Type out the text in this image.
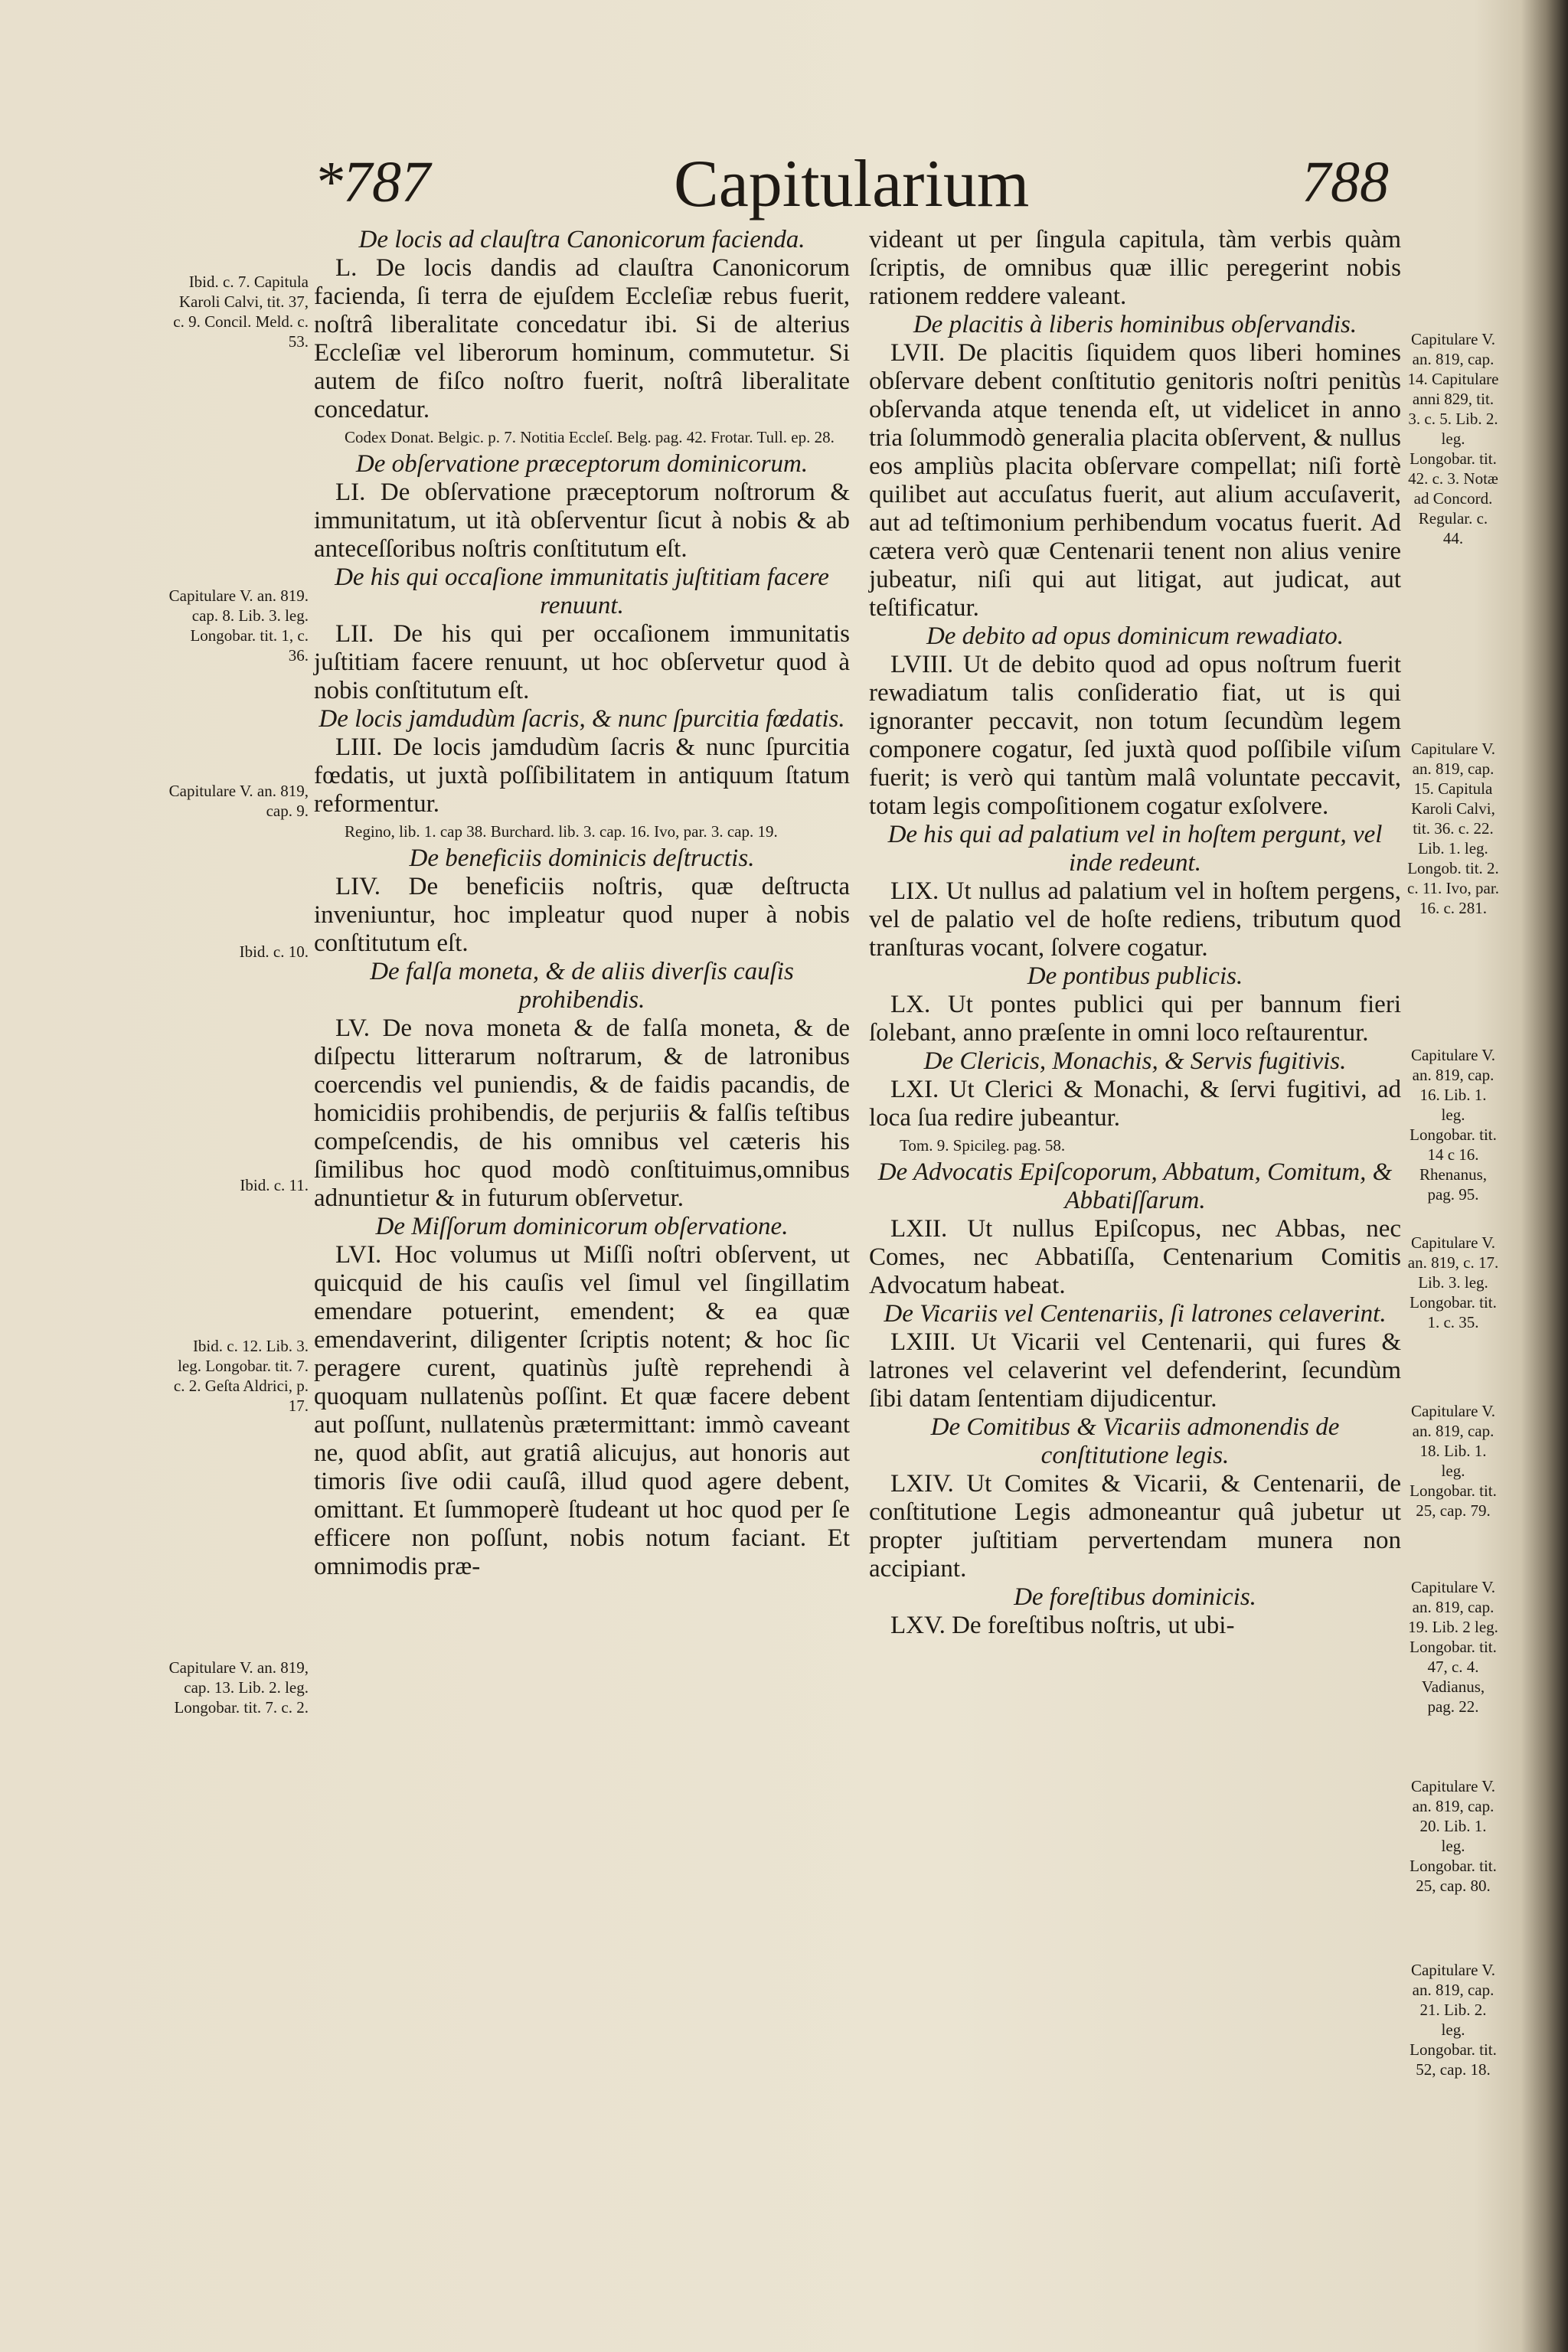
*787	Capitularium	788
Ibid. c. 7. Capitula Karoli Calvi, tit. 37, c. 9. Concil. Meld. c. 53.
Capitulare V. an. 819. cap. 8. Lib. 3. leg. Longobar. tit. 1, c. 36.
Capitulare V. an. 819, cap. 9.
Ibid. c. 10.
Ibid. c. 11.
Ibid. c. 12. Lib. 3. leg. Longobar. tit. 7. c. 2. Geſta Aldrici, p. 17.
Capitulare V. an. 819, cap. 13. Lib. 2. leg. Longobar. tit. 7. c. 2.
De locis ad clauſtra Canonicorum facienda.

L. De locis dandis ad clauſtra Canonicorum facienda, ſi terra de ejuſdem Eccleſiæ rebus fuerit, noſtrâ liberalitate concedatur ibi. Si de alterius Eccleſiæ vel liberorum hominum, commutetur. Si autem de fiſco noſtro fuerit, noſtrâ liberalitate concedatur.

Codex Donat. Belgic. p. 7. Notitia Eccleſ. Belg. pag. 42. Frotar. Tull. ep. 28.

De obſervatione præceptorum dominicorum.

LI. De obſervatione præceptorum noſtrorum & immunitatum, ut ità obſerventur ſicut à nobis & ab anteceſſoribus noſtris conſtitutum eſt.

De his qui occaſione immunitatis juſtitiam facere renuunt.

LII. De his qui per occaſionem immunitatis juſtitiam facere renuunt, ut hoc obſervetur quod à nobis conſtitutum eſt.

De locis jamdudùm ſacris, & nunc ſpurcitia fœdatis.

LIII. De locis jamdudùm ſacris & nunc ſpurcitia fœdatis, ut juxtà poſſibilitatem in antiquum ſtatum reformentur.

Regino, lib. 1. cap 38. Burchard. lib. 3. cap. 16. Ivo, par. 3. cap. 19.

De beneficiis dominicis deſtructis.

LIV. De beneficiis noſtris, quæ deſtructa inveniuntur, hoc impleatur quod nuper à nobis conſtitutum eſt.

De falſa moneta, & de aliis diverſis cauſis prohibendis.

LV. De nova moneta & de falſa moneta, & de diſpectu litterarum noſtrarum, & de latronibus coercendis vel puniendis, & de faidis pacandis, de homicidiis prohibendis, de perjuriis & falſis teſtibus compeſcendis, de his omnibus vel cæteris his ſimilibus hoc quod modò conſtituimus,omnibus adnuntietur & in futurum obſervetur.

De Miſſorum dominicorum obſervatione.

LVI. Hoc volumus ut Miſſi noſtri obſervent, ut quicquid de his cauſis vel ſimul vel ſingillatim emendare potuerint, emendent; & ea quæ emendaverint, diligenter ſcriptis notent; & hoc ſic peragere curent, quatinùs juſtè reprehendi à quoquam nullatenùs poſſint. Et quæ facere debent aut poſſunt, nullatenùs prætermittant: immò caveant ne, quod abſit, aut gratiâ alicujus, aut honoris aut timoris ſive odii cauſâ, illud quod agere debent, omittant. Et ſummoperè ſtudeant ut hoc quod per ſe efficere non poſſunt, nobis notum faciant. Et omnimodis præ-

videant ut per ſingula capitula, tàm verbis quàm ſcriptis, de omnibus quæ illic peregerint nobis rationem reddere valeant.

De placitis à liberis hominibus obſervandis.

LVII. De placitis ſiquidem quos liberi homines obſervare debent conſtitutio genitoris noſtri penitùs obſervanda atque tenenda eſt, ut videlicet in anno tria ſolummodò generalia placita obſervent, & nullus eos ampliùs placita obſervare compellat; niſi fortè quilibet aut accuſatus fuerit, aut alium accuſaverit, aut ad teſtimonium perhibendum vocatus fuerit. Ad cætera verò quæ Centenarii tenent non alius venire jubeatur, niſi qui aut litigat, aut judicat, aut teſtificatur.

De debito ad opus dominicum rewadiato.

LVIII. Ut de debito quod ad opus noſtrum fuerit rewadiatum talis conſideratio fiat, ut is qui ignoranter peccavit, non totum ſecundùm legem componere cogatur, ſed juxtà quod poſſibile viſum fuerit; is verò qui tantùm malâ voluntate peccavit, totam legis compoſitionem cogatur exſolvere.

De his qui ad palatium vel in hoſtem pergunt, vel inde redeunt.

LIX. Ut nullus ad palatium vel in hoſtem pergens, vel de palatio vel de hoſte rediens, tributum quod tranſturas vocant, ſolvere cogatur.

De pontibus publicis.

LX. Ut pontes publici qui per bannum fieri ſolebant, anno præſente in omni loco reſtaurentur.

De Clericis, Monachis, & Servis fugitivis.

LXI. Ut Clerici & Monachi, & ſervi fugitivi, ad loca ſua redire jubeantur.

Tom. 9. Spicileg. pag. 58.

De Advocatis Epiſcoporum, Abbatum, Comitum, & Abbatiſſarum.

LXII. Ut nullus Epiſcopus, nec Abbas, nec Comes, nec Abbatiſſa, Centenarium Comitis Advocatum habeat.

De Vicariis vel Centenariis, ſi latrones celaverint.

LXIII. Ut Vicarii vel Centenarii, qui fures & latrones vel celaverint vel defenderint, ſecundùm ſibi datam ſententiam dijudicentur.

De Comitibus & Vicariis admonendis de conſtitutione legis.

LXIV. Ut Comites & Vicarii, & Centenarii, de conſtitutione Legis admoneantur quâ jubetur ut propter juſtitiam pervertendam munera non accipiant.

De foreſtibus dominicis.

LXV. De foreſtibus noſtris, ut ubi-

Capitulare V. an. 819, cap. 14. Capitulare anni 829, tit. 3. c. 5. Lib. 2. leg. Longobar. tit. 42. c. 3. Notæ ad Concord. Regular. c. 44.
Capitulare V. an. 819, cap. 15. Capitula Karoli Calvi, tit. 36. c. 22. Lib. 1. leg. Longob. tit. 2. c. 11. Ivo, par. 16. c. 281.
Capitulare V. an. 819, cap. 16. Lib. 1. leg. Longobar. tit. 14 c 16. Rhenanus, pag. 95.
Capitulare V. an. 819, c. 17. Lib. 3. leg. Longobar. tit. 1. c. 35.
Capitulare V. an. 819, cap. 18. Lib. 1. leg. Longobar. tit. 25, cap. 79.
Capitulare V. an. 819, cap. 19. Lib. 2 leg. Longobar. tit. 47, c. 4. Vadianus, pag. 22.
Capitulare V. an. 819, cap. 20. Lib. 1. leg. Longobar. tit. 25, cap. 80.
Capitulare V. an. 819, cap. 21. Lib. 2. leg. Longobar. tit. 52, cap. 18.
